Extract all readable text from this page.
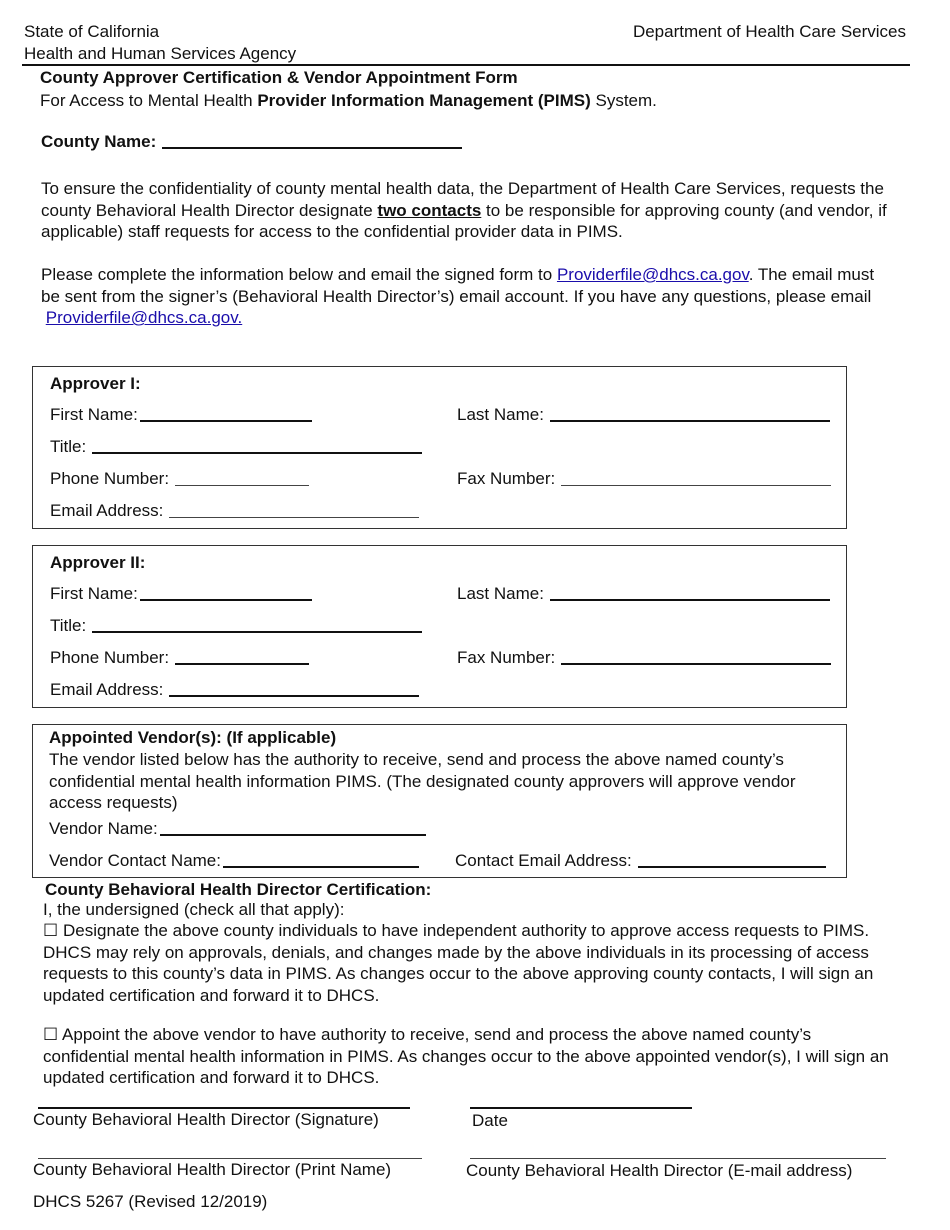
State of California
Health and Human Services Agency
Department of Health Care Services
County Approver Certification & Vendor Appointment Form
For Access to Mental Health Provider Information Management (PIMS) System.
County Name:
To ensure the confidentiality of county mental health data, the Department of Health Care Services, requests the county Behavioral Health Director designate two contacts to be responsible for approving county (and vendor, if applicable) staff requests for access to the confidential provider data in PIMS.
Please complete the information below and email the signed form to Providerfile@dhcs.ca.gov. The email must be sent from the signer’s (Behavioral Health Director’s) email account. If you have any questions, please email  Providerfile@dhcs.ca.gov.
Approver I:
First Name:	Last Name:
Title:
Phone Number:	Fax Number:
Email Address:
Approver II:
First Name:	Last Name:
Title:
Phone Number:	Fax Number:
Email Address:
Appointed Vendor(s): (If applicable)
The vendor listed below has the authority to receive, send and process the above named county’s confidential mental health information PIMS. (The designated county approvers will approve vendor access requests)
Vendor Name:
Vendor Contact Name:	Contact Email Address:
County Behavioral Health Director Certification:
I, the undersigned (check all that apply):
☐ Designate the above county individuals to have independent authority to approve access requests to PIMS. DHCS may rely on approvals, denials, and changes made by the above individuals in its processing of access requests to this county’s data in PIMS. As changes occur to the above approving county contacts, I will sign an updated certification and forward it to DHCS.
☐ Appoint the above vendor to have authority to receive, send and process the above named county’s confidential mental health information in PIMS. As changes occur to the above appointed vendor(s), I will sign an updated certification and forward it to DHCS.
County Behavioral Health Director (Signature)	Date
County Behavioral Health Director (Print Name)	County Behavioral Health Director (E-mail address)
DHCS 5267 (Revised 12/2019)
